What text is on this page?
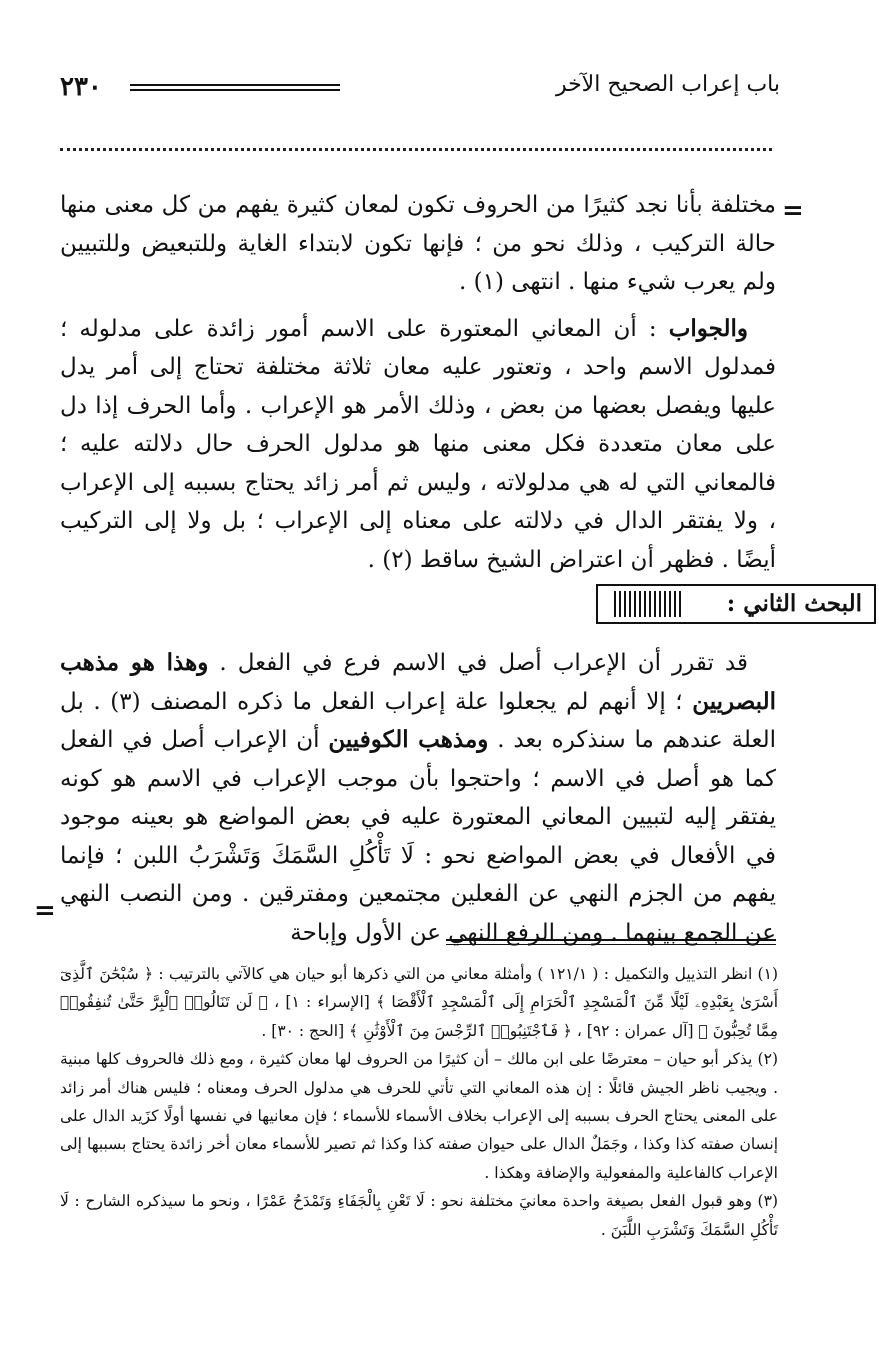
٢٣٠	باب إعراب الصحيح الآخر
=

مختلفة بأنا نجد كثيرًا من الحروف تكون لمعان كثيرة يفهم من كل معنى منها حالة التركيب ، وذلك نحو من ؛ فإنها تكون لابتداء الغاية وللتبعيض وللتبيين ولم يعرب شيء منها . انتهى (١) .

والجواب : أن المعاني المعتورة على الاسم أمور زائدة على مدلوله ؛ فمدلول الاسم واحد ، وتعتور عليه معان ثلاثة مختلفة تحتاج إلى أمر يدل عليها ويفصل بعضها من بعض ، وذلك الأمر هو الإعراب . وأما الحرف إذا دل على معان متعددة فكل معنى منها هو مدلول الحرف حال دلالته عليه ؛ فالمعاني التي له هي مدلولاته ، وليس ثم أمر زائد يحتاج بسببه إلى الإعراب ، ولا يفتقر الدال في دلالته على معناه إلى الإعراب ؛ بل ولا إلى التركيب أيضًا . فظهر أن اعتراض الشيخ ساقط (٢) .

البحث الثاني :

قد تقرر أن الإعراب أصل في الاسم فرع في الفعل . وهذا هو مذهب البصريين ؛ إلا أنهم لم يجعلوا علة إعراب الفعل ما ذكره المصنف (٣) . بل العلة عندهم ما سنذكره بعد . ومذهب الكوفيين أن الإعراب أصل في الفعل كما هو أصل في الاسم ؛ واحتجوا بأن موجب الإعراب في الاسم هو كونه يفتقر إليه لتبيين المعاني المعتورة عليه في بعض المواضع هو بعينه موجود في الأفعال في بعض المواضع نحو : لَا تَأْكُلِ السَّمَكَ وَتَشْرَبُ اللبن ؛ فإنما يفهم من الجزم النهي عن الفعلين مجتمعين ومفترقين . ومن النصب النهي عن الجمع بينهما . ومن الرفع النهي عن الأول وإباحة

=

(١) انظر التذييل والتكميل : ( ١٢١/١ ) وأمثلة معاني من التي ذكرها أبو حيان هي كالآتي بالترتيب : ﴿ سُبْحَٰنَ ٱلَّذِىٓ أَسْرَىٰ بِعَبْدِهِۦ لَيْلًا مِّنَ ٱلْمَسْجِدِ ٱلْحَرَامِ إِلَى ٱلْمَسْجِدِ ٱلْأَقْصَا ﴾ [الإسراء : ١] ، ﴿ لَن تَنَالُوا۟ ٱلْبِرَّ حَتَّىٰ تُنفِقُوا۟ مِمَّا تُحِبُّونَ ﴾ [آل عمران : ٩٢] ، ﴿ فَٱجْتَنِبُوا۟ ٱلرِّجْسَ مِنَ ٱلْأَوْثَٰنِ ﴾ [الحج : ٣٠] .

(٢) يذكر أبو حيان – معترضًا على ابن مالك – أن كثيرًا من الحروف لها معان كثيرة ، ومع ذلك فالحروف كلها مبنية . ويجيب ناظر الجيش قائلًا : إن هذه المعاني التي تأتي للحرف هي مدلول الحرف ومعناه ؛ فليس هناك أمر زائد على المعنى يحتاج الحرف بسببه إلى الإعراب بخلاف الأسماء للأسماء ؛ فإن معانيها في نفسها أولًا كزَيد الدال على إنسان صفته كذا وكذا ، وجَمَلٌ الدال على حيوان صفته كذا وكذا ثم تصير للأسماء معان أخر زائدة يحتاج بسببها إلى الإعراب كالفاعلية والمفعولية والإضافة وهكذا .

(٣) وهو قبول الفعل بصيغة واحدة معانيَ مختلفة نحو : لَا تَعْنِ بِالْجَفَاءِ وَتَمْدَحُ عَمْرًا ، ونحو ما سيذكره الشارح : لَا تَأْكُلِ السَّمَكَ وَتَشْرَبِ اللَّبَنَ .
